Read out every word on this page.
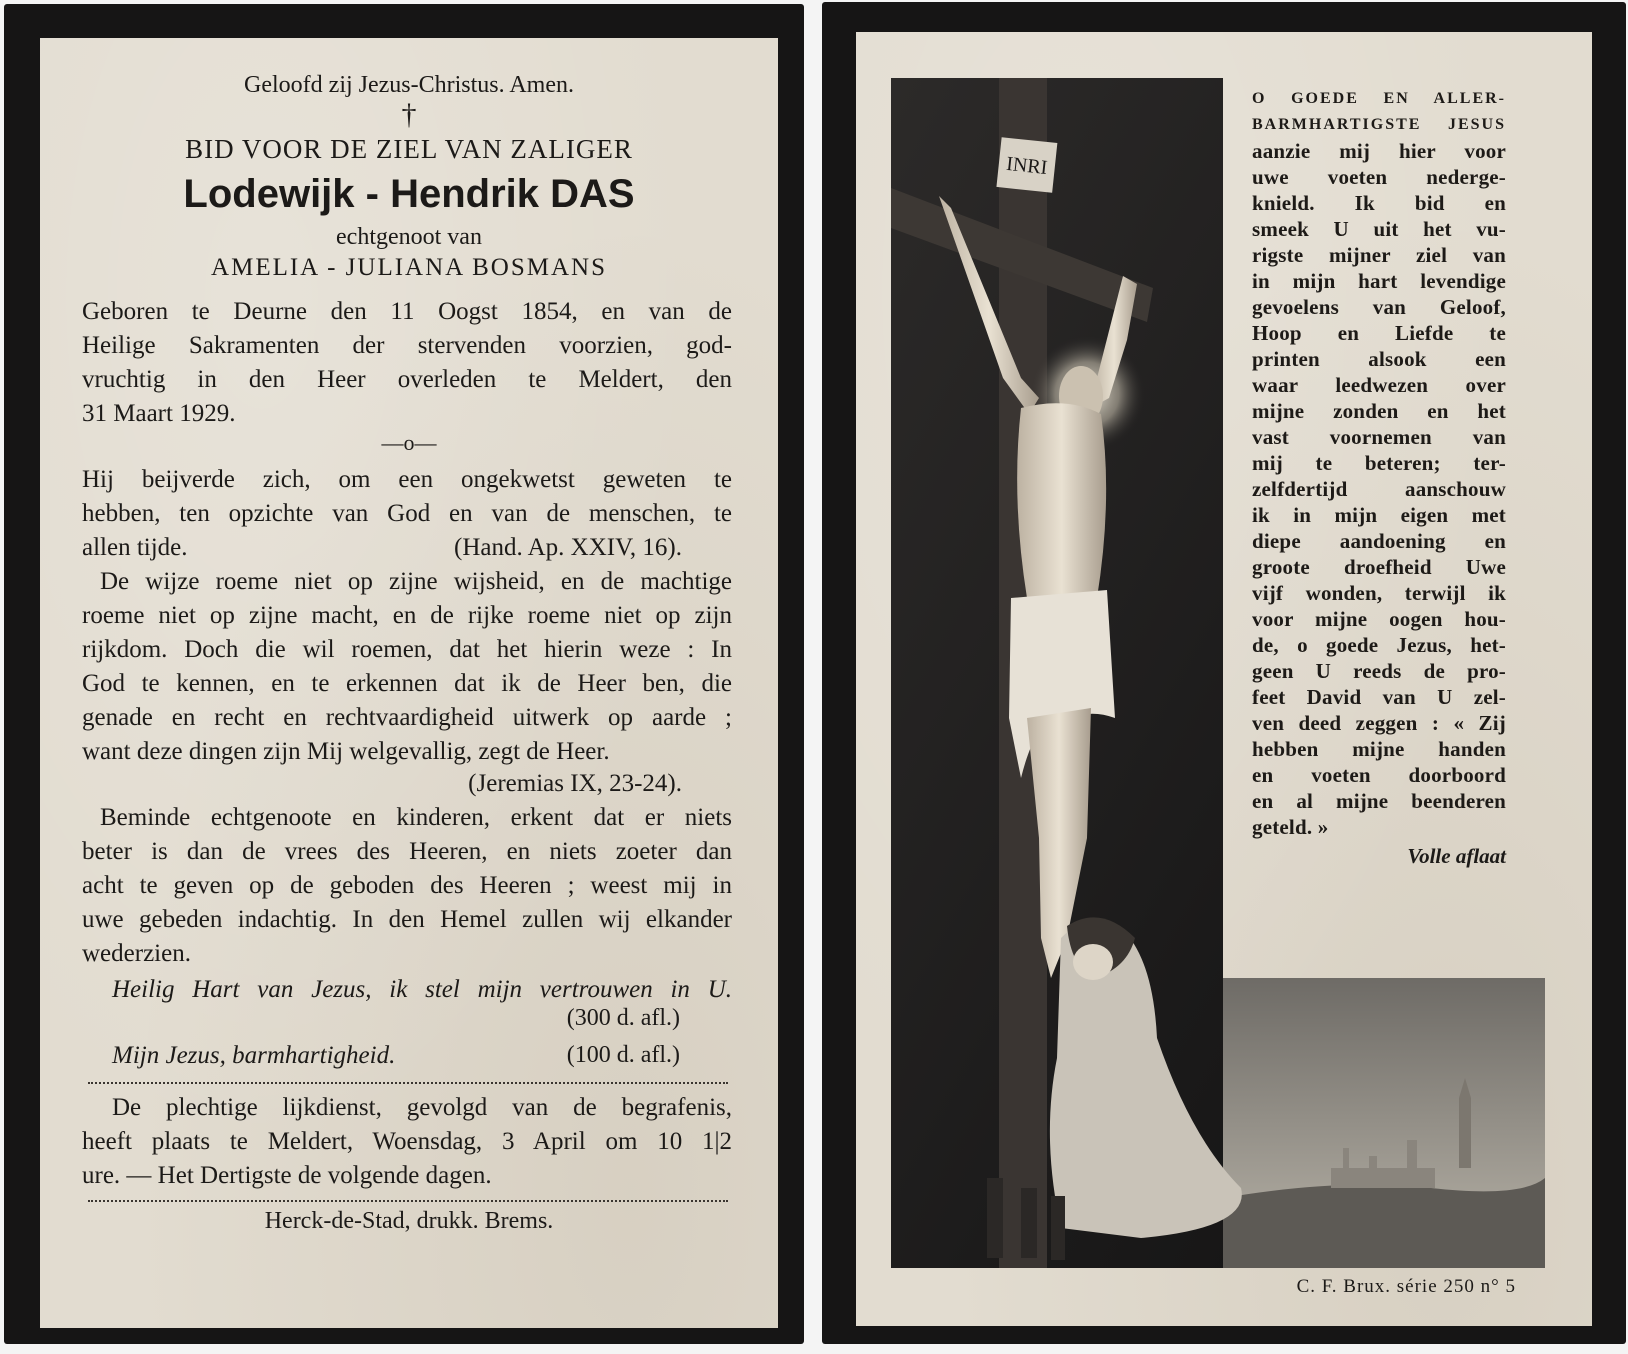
Geloofd zij Jezus-Christus. Amen.
†
BID VOOR DE ZIEL VAN ZALIGER
Lodewijk - Hendrik DAS
echtgenoot van
AMELIA - JULIANA BOSMANS
Geboren te Deurne den 11 Oogst 1854, en van de
Heilige Sakramenten der stervenden voorzien, god-
vruchtig in den Heer overleden te Meldert, den
31 Maart 1929.
—o—
Hij beijverde zich, om een ongekwetst geweten te
hebben, ten opzichte van God en van de menschen, te
allen tijde.	(Hand. Ap. XXIV, 16).
De wijze roeme niet op zijne wijsheid, en de machtige
roeme niet op zijne macht, en de rijke roeme niet op zijn
rijkdom. Doch die wil roemen, dat het hierin weze : In
God te kennen, en te erkennen dat ik de Heer ben, die
genade en recht en rechtvaardigheid uitwerk op aarde ;
want deze dingen zijn Mij welgevallig, zegt de Heer.
(Jeremias IX, 23-24).
Beminde echtgenoote en kinderen, erkent dat er niets
beter is dan de vrees des Heeren, en niets zoeter dan
acht te geven op de geboden des Heeren ; weest mij in
uwe gebeden indachtig. In den Hemel zullen wij elkander
wederzien.
Heilig Hart van Jezus, ik stel mijn vertrouwen in U.
(300 d. afl.)
Mijn Jezus, barmhartigheid.	(100 d. afl.)
De plechtige lijkdienst, gevolgd van de begrafenis,
heeft plaats te Meldert, Woensdag, 3 April om 10 1|2
ure. — Het Dertigste de volgende dagen.
Herck-de-Stad, drukk. Brems.
INRI
O GOEDE EN ALLER-
BARMHARTIGSTE JESUS
aanzie mij hier voor
uwe voeten nederge-
knield. Ik bid en
smeek U uit het vu-
rigste mijner ziel van
in mijn hart levendige
gevoelens van Geloof,
Hoop en Liefde te
printen alsook een
waar leedwezen over
mijne zonden en het
vast voornemen van
mij te beteren; ter-
zelfdertijd aanschouw
ik in mijn eigen met
diepe aandoening en
groote droefheid Uwe
vijf wonden, terwijl ik
voor mijne oogen hou-
de, o goede Jezus, het-
geen U reeds de pro-
feet David van U zel-
ven deed zeggen : « Zij
hebben mijne handen
en voeten doorboord
en al mijne beenderen
geteld. »
Volle aflaat
C. F. Brux. série 250 n° 5
